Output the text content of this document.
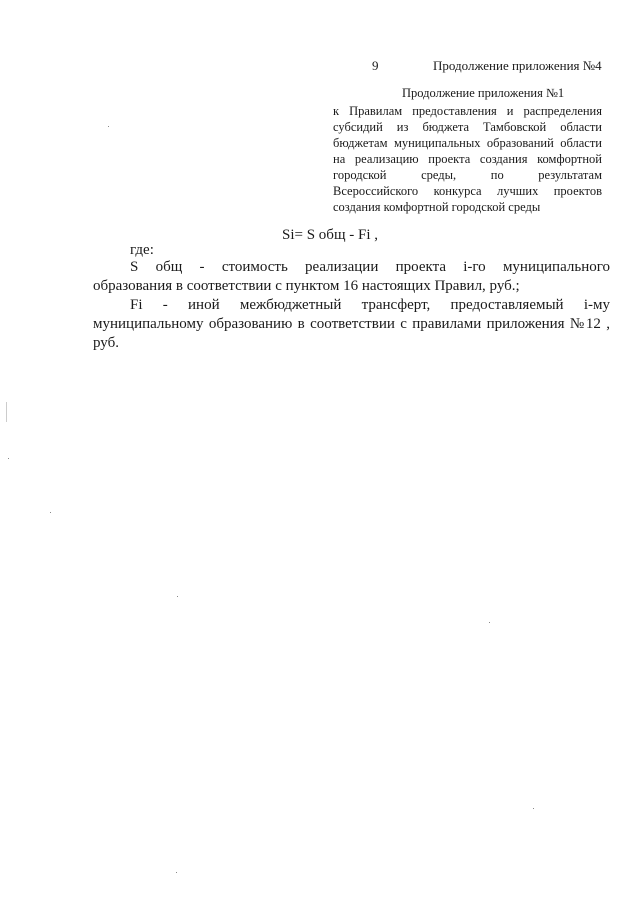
9	Продолжение приложения №4
Продолжение приложения №1
к Правилам предоставления и распределения
субсидий из бюджета Тамбовской области
бюджетам муниципальных образований области
на реализацию проекта создания комфортной
городской среды, по результатам
Всероссийского конкурса лучших проектов
создания комфортной городской среды
Si= S общ - Fi ,
где:
S общ - стоимость реализации проекта i-го муниципального
образования в соответствии с пунктом 16 настоящих Правил, руб.;
Fi - иной межбюджетный трансферт, предоставляемый i-му
муниципальному образованию в соответствии с правилами приложения №12 ,
руб.
